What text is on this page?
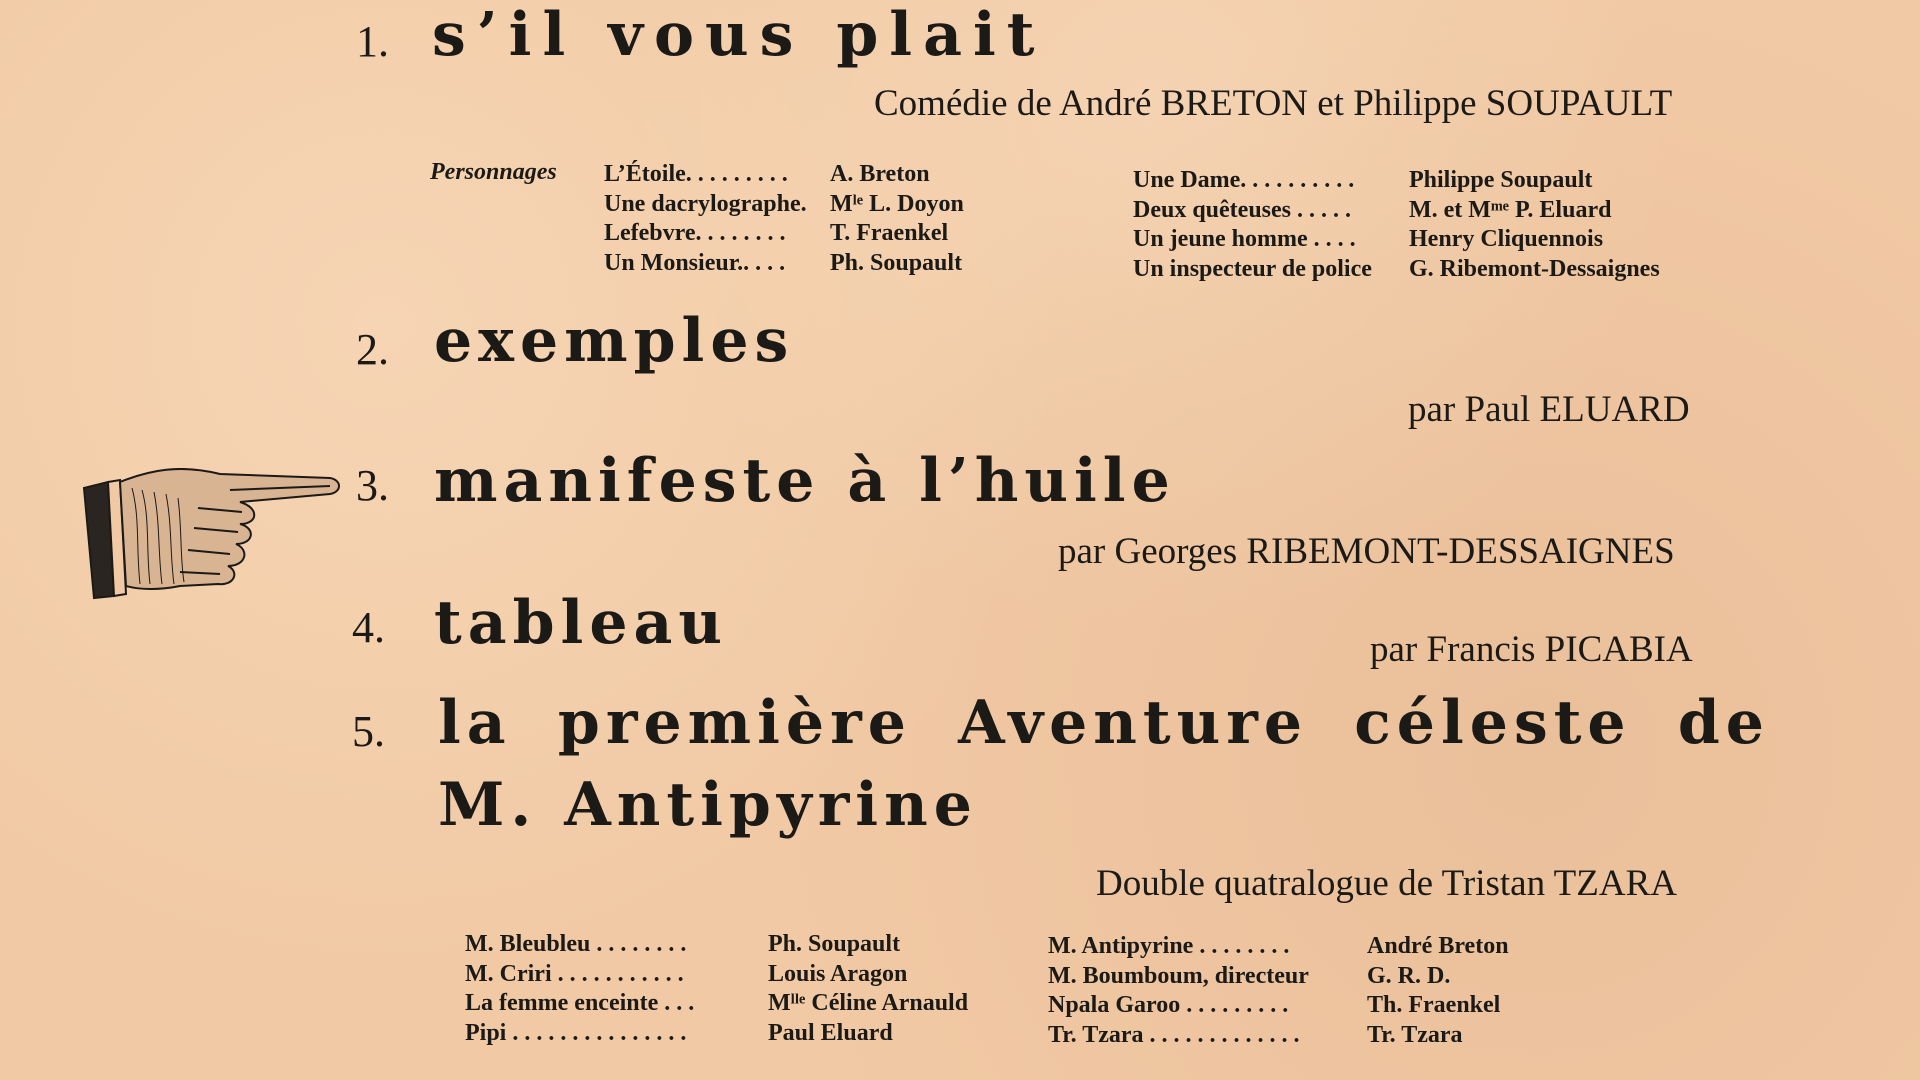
1. s’il vous plait
Comédie de André BRETON et Philippe SOUPAULT
Personnages L’Étoile. . . . . . . . .
Une dacrylographe.
Lefebvre. . . . . . . .
Un Monsieur.. . . .
A. Breton
Mˡᵉ L. Doyon
T. Fraenkel
Ph. Soupault
Une Dame. . . . . . . . . .
Deux quêteuses . . . . .
Un jeune homme . . . .
Un inspecteur de police
Philippe Soupault
M. et Mᵐᵉ P. Eluard
Henry Cliquennois
G. Ribemont-Dessaignes
2. exemples
par Paul ELUARD
3. manifeste à l’huile
par Georges RIBEMONT-DESSAIGNES
4. tableau	par Francis PICABIA
5. la première Aventure céleste de
M. Antipyrine
Double quatralogue de Tristan TZARA
M. Bleubleu . . . . . . . .
M. Criri . . . . . . . . . . .
La femme enceinte . . .
Pipi . . . . . . . . . . . . . . .
Ph. Soupault
Louis Aragon
Mˡˡᵉ Céline Arnauld
Paul Eluard
M. Antipyrine . . . . . . . .
M. Boumboum, directeur
Npala Garoo . . . . . . . . .
Tr. Tzara . . . . . . . . . . . . .
André Breton
G. R. D.
Th. Fraenkel
Tr. Tzara
